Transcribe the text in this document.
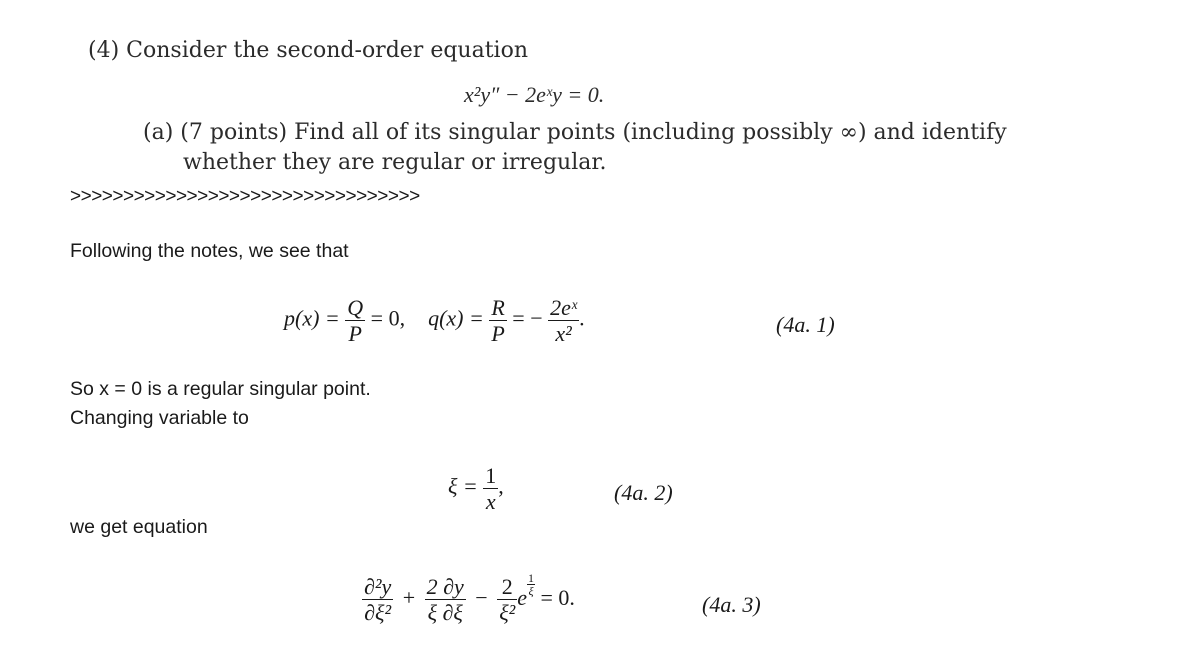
(4) Consider the second-order equation
x²y″ − 2eˣy = 0.
(a) (7 points) Find all of its singular points (including possibly ∞) and identify
whether they are regular or irregular.
>>>>>>>>>>>>>>>>>>>>>>>>>>>>>>>>>
Following the notes, we see that
$p(x) = \frac{Q}{P} = 0$, $q(x) = \frac{R}{P}$ = − $\frac{\text{2eˣ}}{\text{x²}}$ .	(4a. 1)
So x = 0 is a regular singular point.
Changing variable to
$\xi = \frac{1}{x}$ ,	(4a. 2)
we get equation
$\frac{\text{∂²y}}{\text{∂ξ²}} + \frac{2 \partial y}{\xi \partial\xi} - \frac{2}{\text{ξ²}}$ e
$\frac{1}{\xi}$
= 0.	(4a. 3)
